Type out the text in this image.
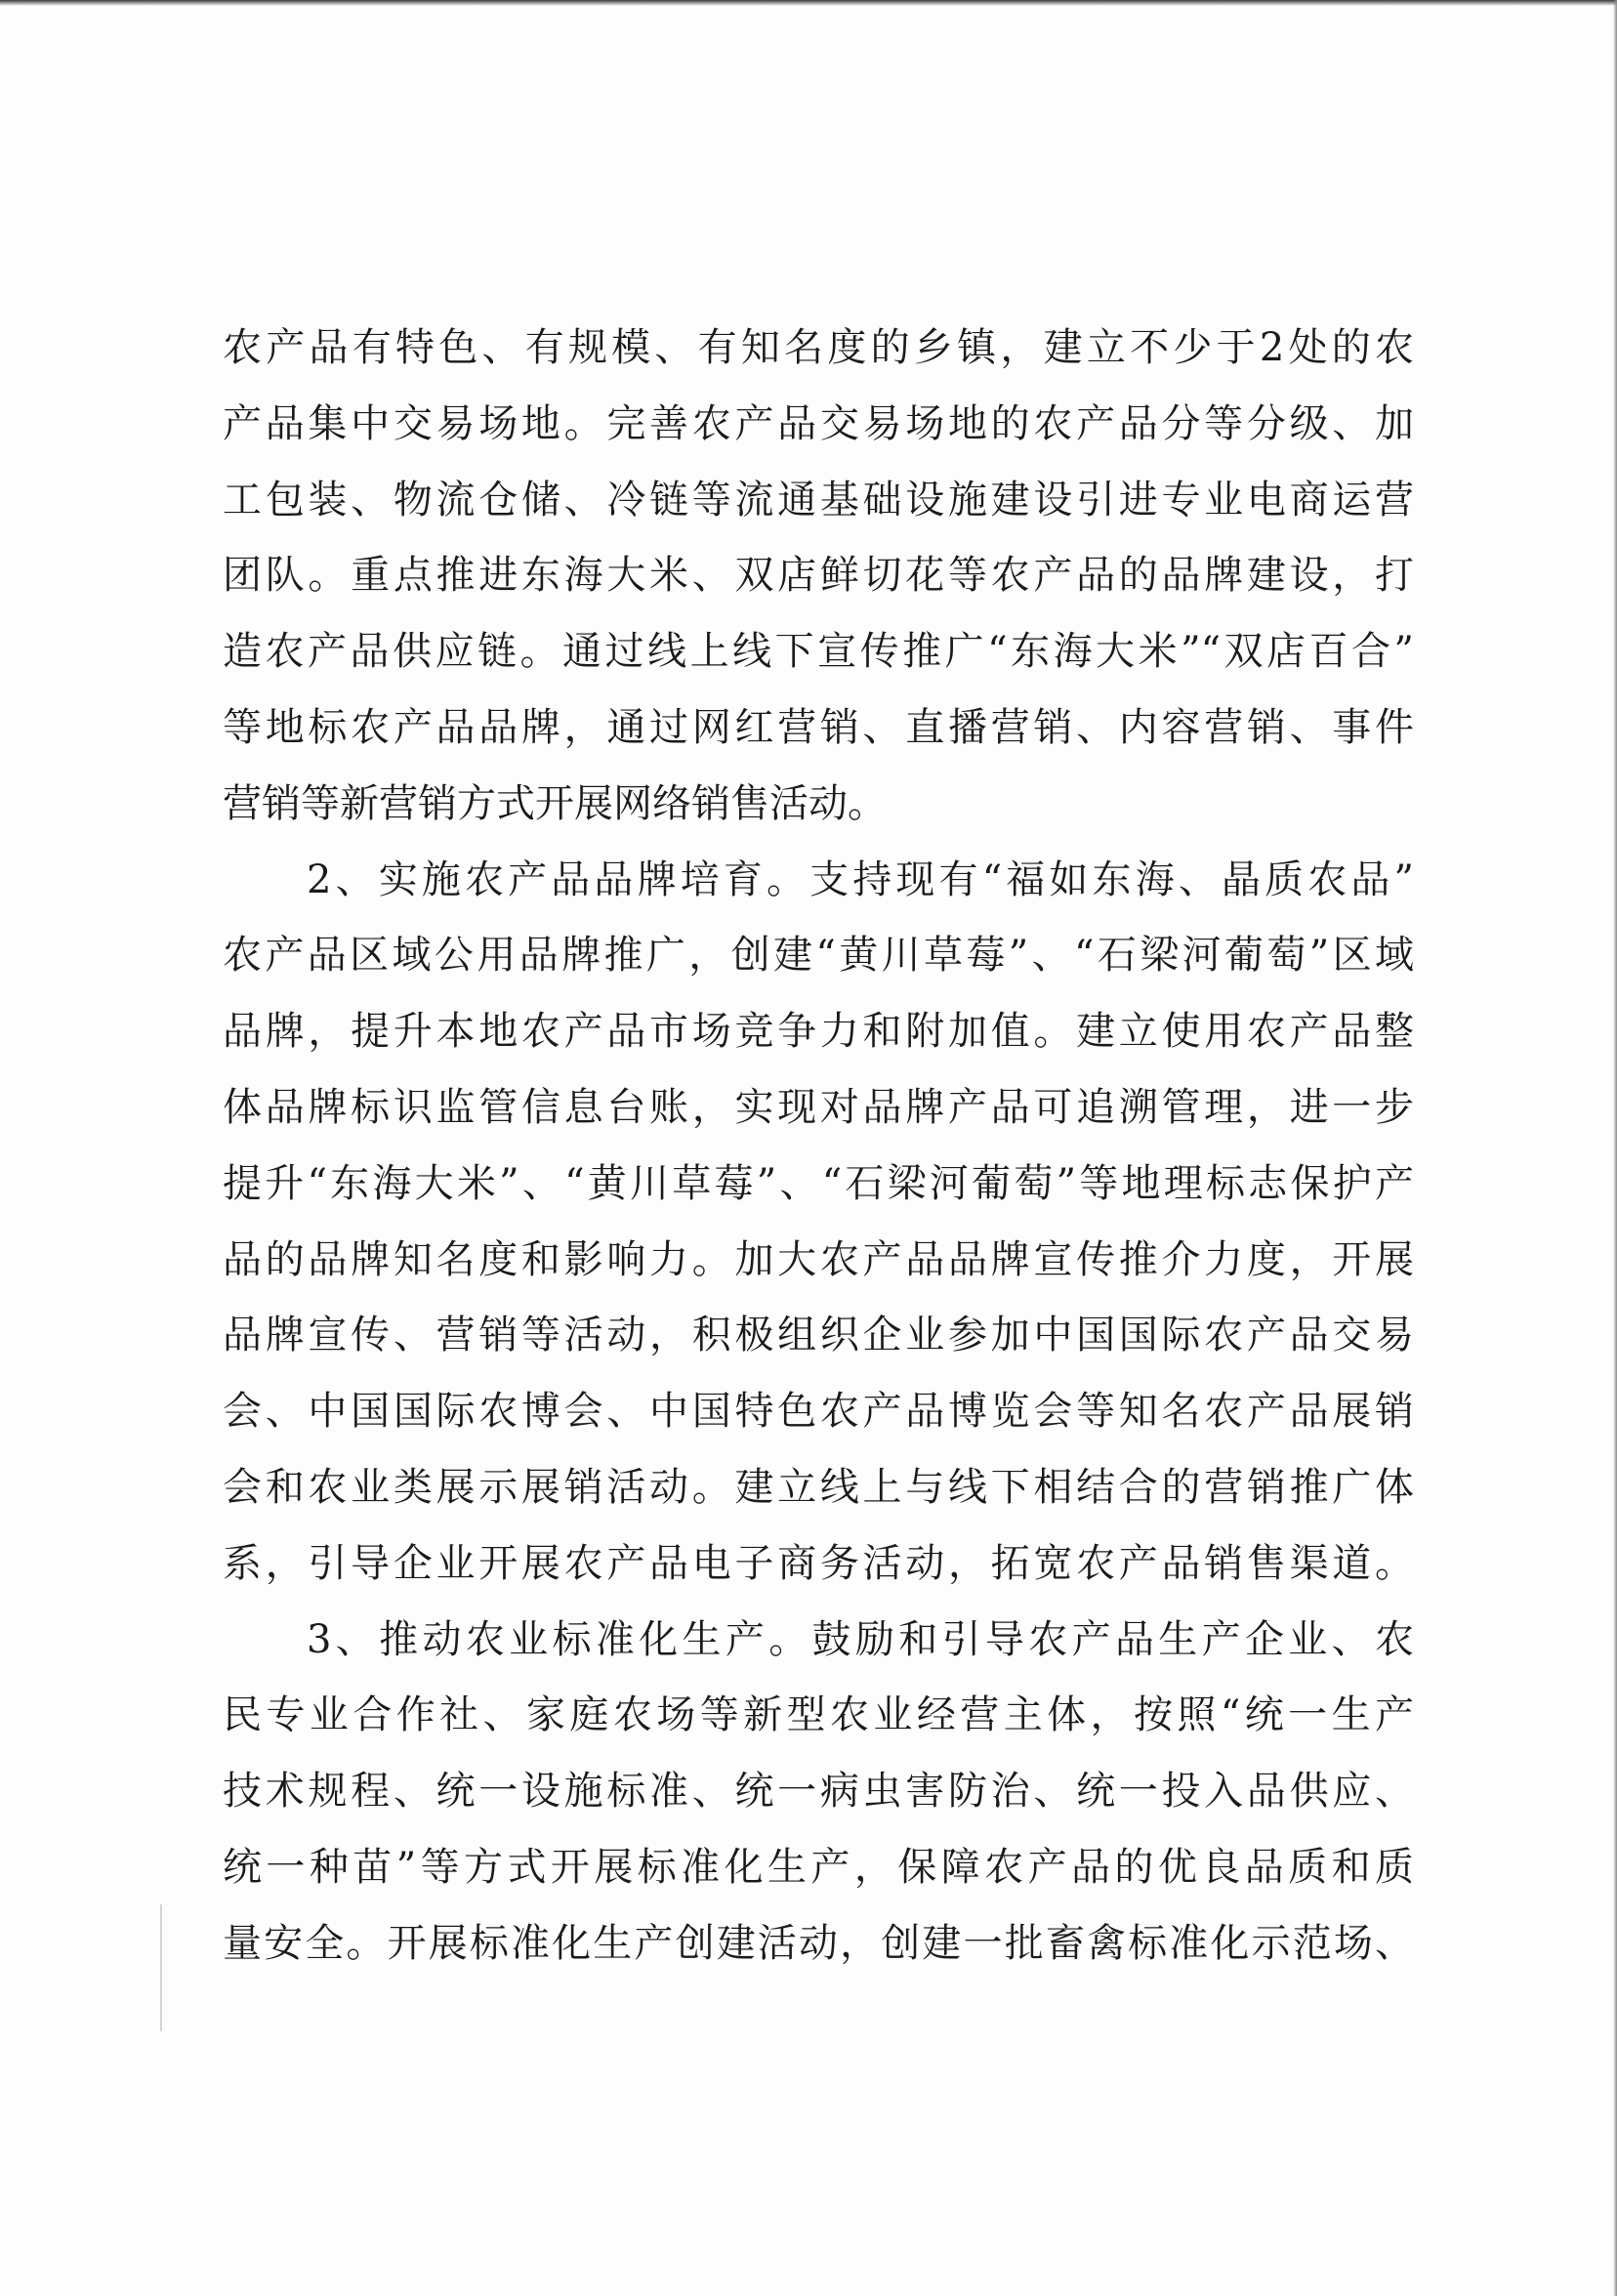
农产品有特色、有规模、有知名度的乡镇，建立不少于2处的农
产品集中交易场地。完善农产品交易场地的农产品分等分级、加
工包装、物流仓储、冷链等流通基础设施建设引进专业电商运营
团队。重点推进东海大米、双店鲜切花等农产品的品牌建设，打
造农产品供应链。通过线上线下宣传推广“东海大米”“双店百合”
等地标农产品品牌，通过网红营销、直播营销、内容营销、事件
营销等新营销方式开展网络销售活动。
2、实施农产品品牌培育。支持现有“福如东海、晶质农品”
农产品区域公用品牌推广，创建“黄川草莓”、“石梁河葡萄”区域
品牌，提升本地农产品市场竞争力和附加值。建立使用农产品整
体品牌标识监管信息台账，实现对品牌产品可追溯管理，进一步
提升“东海大米”、“黄川草莓”、“石梁河葡萄”等地理标志保护产
品的品牌知名度和影响力。加大农产品品牌宣传推介力度，开展
品牌宣传、营销等活动，积极组织企业参加中国国际农产品交易
会、中国国际农博会、中国特色农产品博览会等知名农产品展销
会和农业类展示展销活动。建立线上与线下相结合的营销推广体
系，引导企业开展农产品电子商务活动，拓宽农产品销售渠道。
3、推动农业标准化生产。鼓励和引导农产品生产企业、农
民专业合作社、家庭农场等新型农业经营主体，按照“统一生产
技术规程、统一设施标准、统一病虫害防治、统一投入品供应、
统一种苗”等方式开展标准化生产，保障农产品的优良品质和质
量安全。开展标准化生产创建活动，创建一批畜禽标准化示范场、
